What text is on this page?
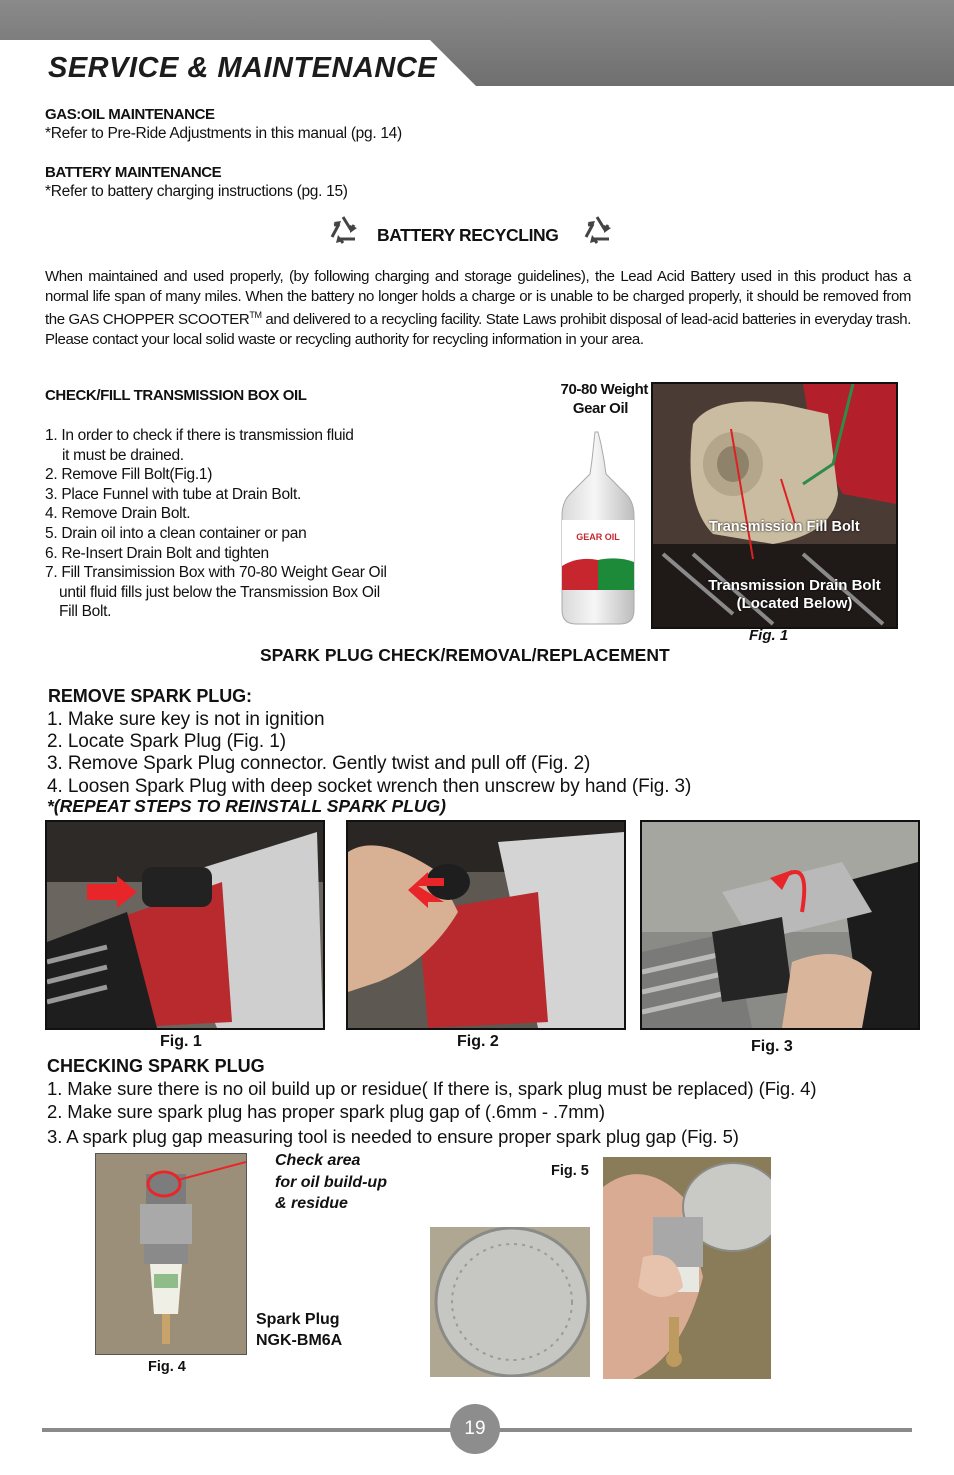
SERVICE & MAINTENANCE
GAS:OIL MAINTENANCE
*Refer to Pre-Ride Adjustments in this manual (pg. 14)
BATTERY MAINTENANCE
*Refer to battery charging instructions (pg. 15)
BATTERY RECYCLING
When maintained and used properly, (by following charging and storage guidelines), the Lead Acid Battery used in this product has a normal life span of many miles. When the battery no longer holds a charge or is unable to be charged properly, it should be removed from the GAS CHOPPER SCOOTER™ and delivered to a recycling facility. State Laws prohibit disposal of lead-acid batteries in everyday trash. Please contact your local solid waste or recycling authority for recycling information in your area.
CHECK/FILL TRANSMISSION BOX OIL
1. In order to check if there is transmission fluid
it must be drained.
2. Remove Fill Bolt(Fig.1)
3. Place Funnel with tube at Drain Bolt.
4. Remove Drain Bolt.
5. Drain oil into a clean container or pan
6. Re-Insert Drain Bolt and tighten
7. Fill Transimission Box with 70-80 Weight Gear Oil
until fluid fills just below the Transmission Box Oil
Fill Bolt.
70-80 Weight
Gear Oil
GEAR OIL
Transmission Fill Bolt
Transmission Drain Bolt
(Located Below)
Fig. 1
SPARK PLUG CHECK/REMOVAL/REPLACEMENT
REMOVE SPARK PLUG:
1. Make sure key is not in ignition
2. Locate Spark Plug (Fig. 1)
3. Remove Spark Plug connector. Gently twist and pull off (Fig. 2)
4. Loosen Spark Plug with deep socket wrench then unscrew by hand (Fig. 3)
*(REPEAT STEPS TO REINSTALL SPARK PLUG)
Fig. 1	Fig. 2	Fig. 3
CHECKING SPARK PLUG
1. Make sure there is no oil build up or residue( If there is, spark plug must be replaced) (Fig. 4)
2. Make sure spark plug has proper spark plug gap of (.6mm - .7mm)
3. A spark plug gap measuring tool is needed to ensure proper spark plug gap (Fig. 5)
Check area
for oil build-up
& residue
Spark Plug
NGK-BM6A
Fig. 4
Fig. 5
19
